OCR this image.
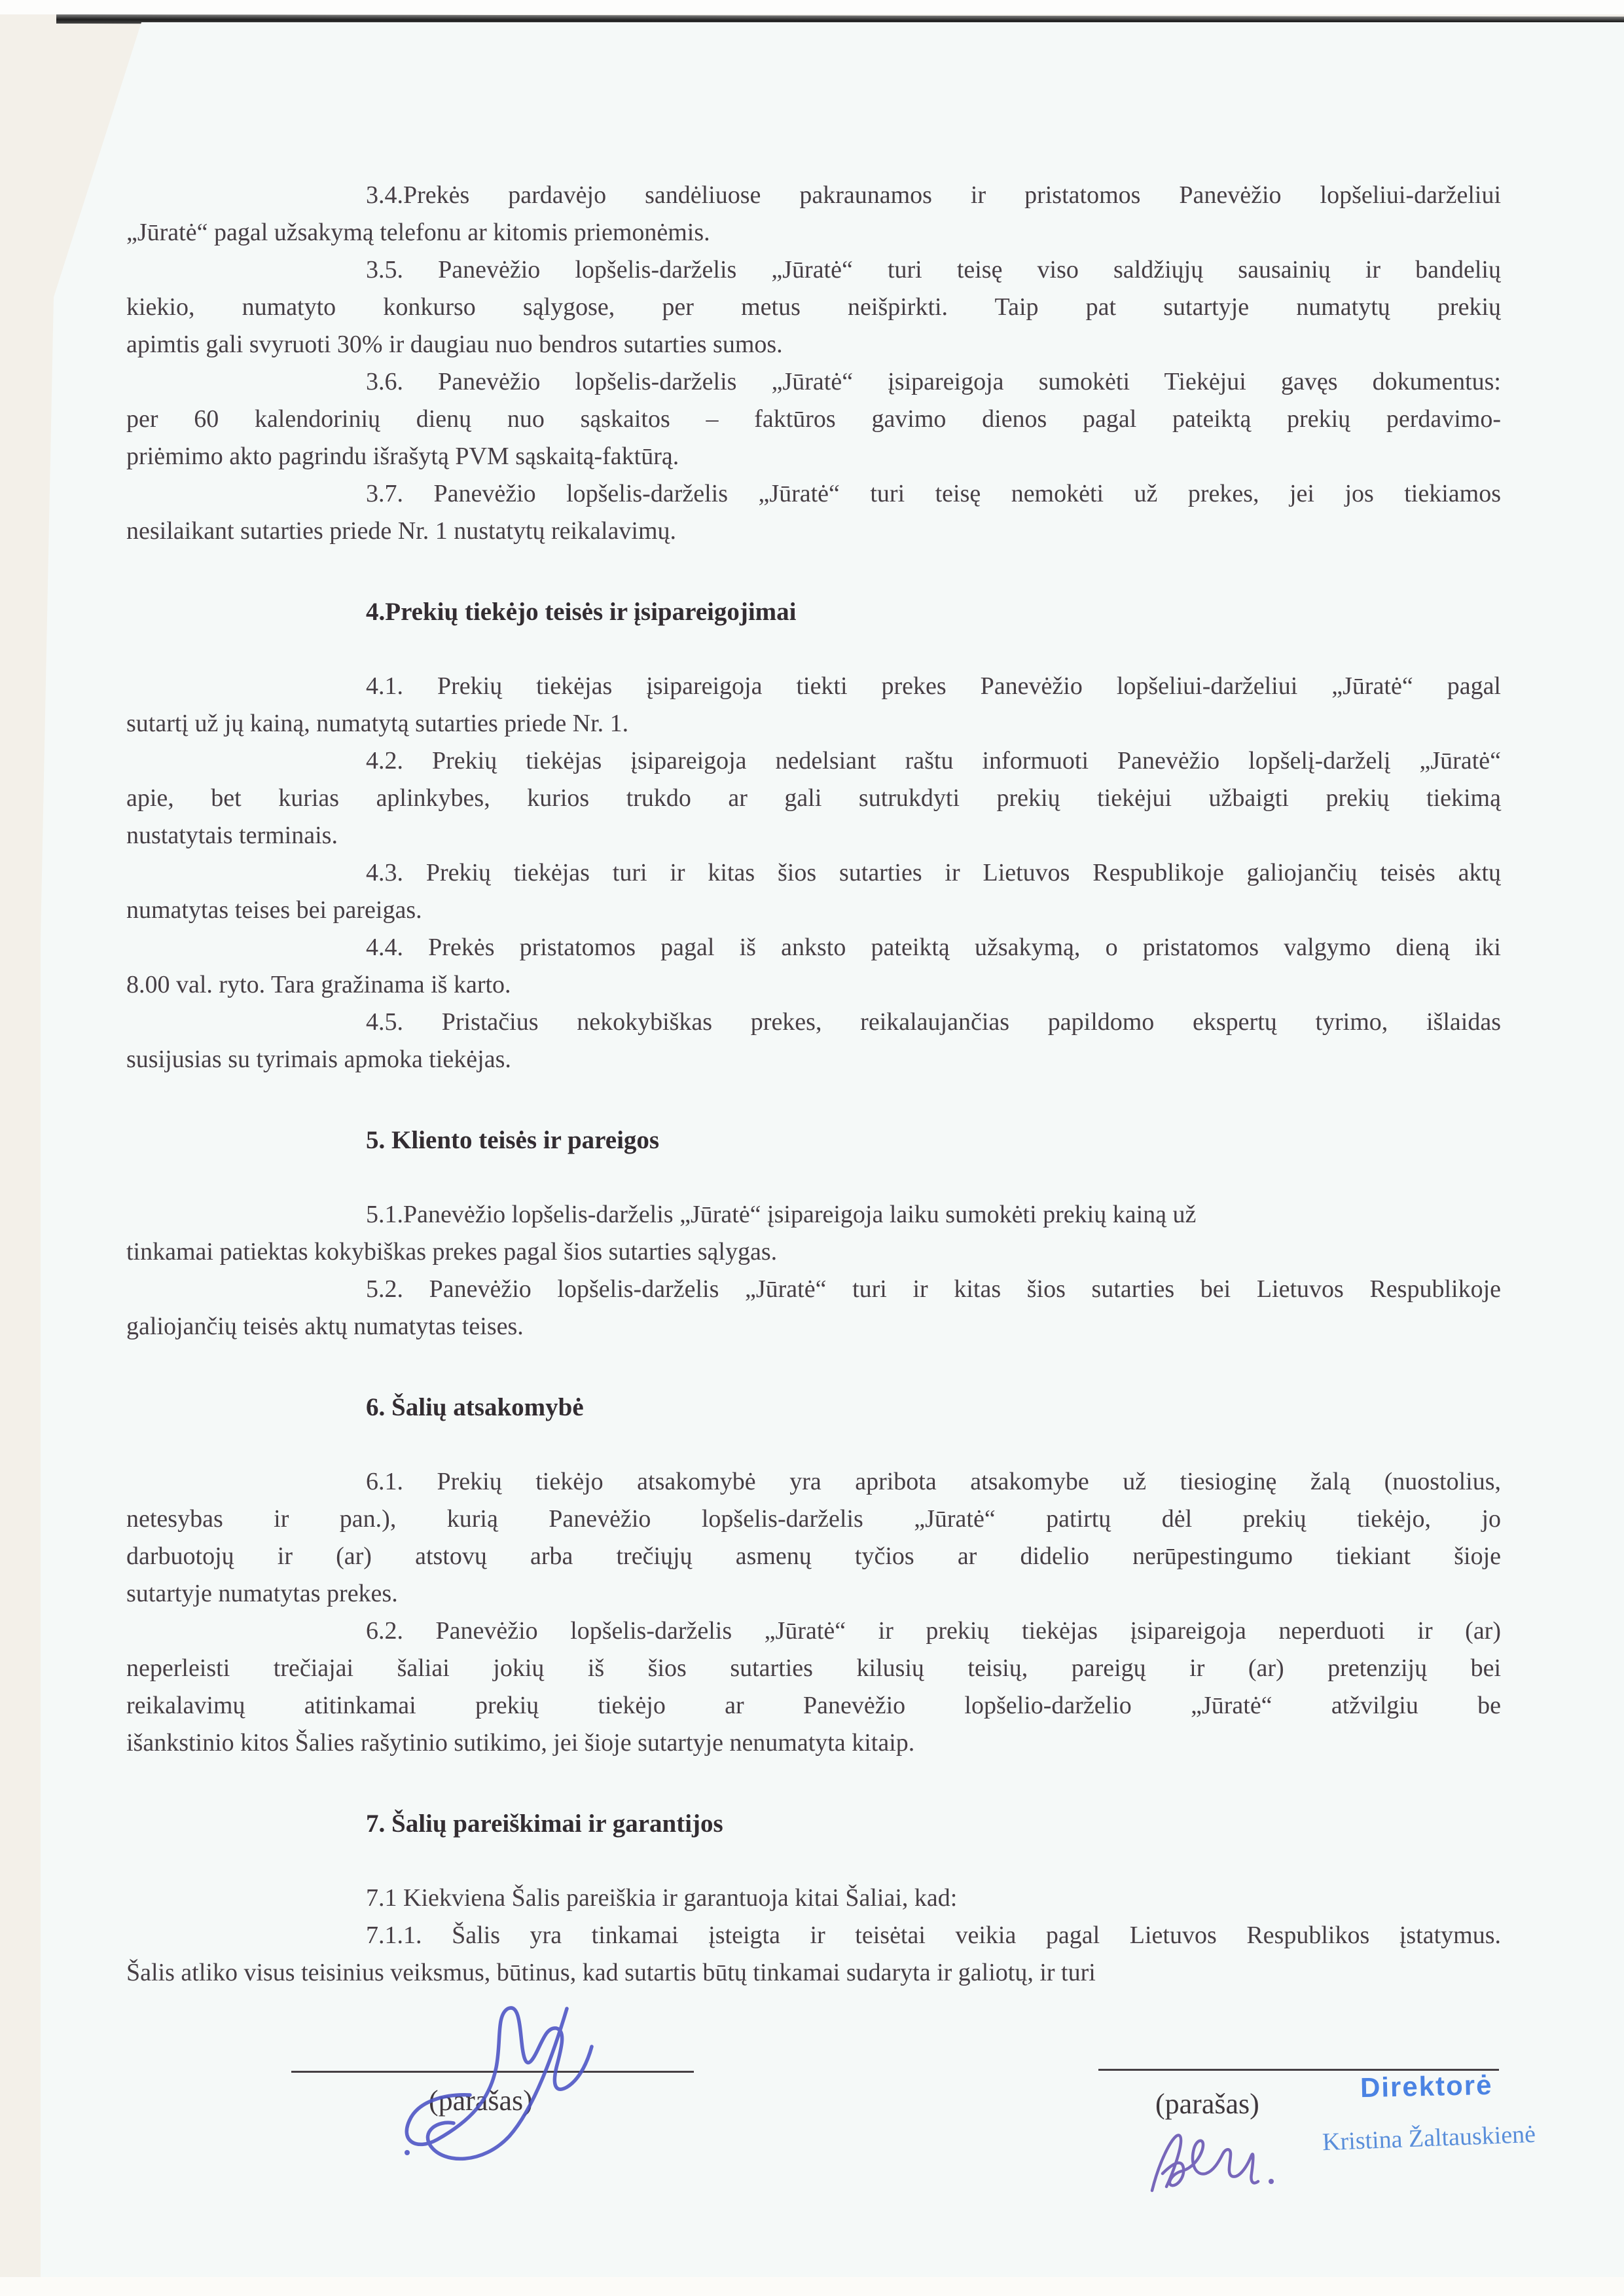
3.4.Prekės pardavėjo sandėliuose pakraunamos ir pristatomos Panevėžio lopšeliui-darželiui
„Jūratė“ pagal užsakymą telefonu ar kitomis priemonėmis.
3.5. Panevėžio lopšelis-darželis „Jūratė“ turi teisę viso saldžiųjų sausainių ir bandelių
kiekio, numatyto konkurso sąlygose, per metus neišpirkti. Taip pat sutartyje numatytų prekių
apimtis gali svyruoti 30% ir daugiau nuo bendros sutarties sumos.
3.6. Panevėžio lopšelis-darželis „Jūratė“ įsipareigoja sumokėti Tiekėjui gavęs dokumentus:
per 60 kalendorinių dienų nuo sąskaitos – faktūros gavimo dienos pagal pateiktą prekių perdavimo-
priėmimo akto pagrindu išrašytą PVM sąskaitą-faktūrą.
3.7. Panevėžio lopšelis-darželis „Jūratė“ turi teisę nemokėti už prekes, jei jos tiekiamos
nesilaikant sutarties priede Nr. 1 nustatytų reikalavimų.
4.Prekių tiekėjo teisės ir įsipareigojimai
4.1. Prekių tiekėjas įsipareigoja tiekti prekes Panevėžio lopšeliui-darželiui „Jūratė“ pagal
sutartį už jų kainą, numatytą sutarties priede Nr. 1.
4.2. Prekių tiekėjas įsipareigoja nedelsiant raštu informuoti Panevėžio lopšelį-darželį „Jūratė“
apie, bet kurias aplinkybes, kurios trukdo ar gali sutrukdyti prekių tiekėjui užbaigti prekių tiekimą
nustatytais terminais.
4.3. Prekių tiekėjas turi ir kitas šios sutarties ir Lietuvos Respublikoje galiojančių teisės aktų
numatytas teises bei pareigas.
4.4. Prekės pristatomos pagal iš anksto pateiktą užsakymą, o pristatomos valgymo dieną iki
8.00 val. ryto. Tara gražinama iš karto.
4.5. Pristačius nekokybiškas prekes, reikalaujančias papildomo ekspertų tyrimo, išlaidas
susijusias su tyrimais apmoka tiekėjas.
5. Kliento teisės ir pareigos
5.1.Panevėžio lopšelis-darželis „Jūratė“ įsipareigoja laiku sumokėti prekių kainą už
tinkamai patiektas kokybiškas prekes pagal šios sutarties sąlygas.
5.2. Panevėžio lopšelis-darželis „Jūratė“ turi ir kitas šios sutarties bei Lietuvos Respublikoje
galiojančių teisės aktų numatytas teises.
6. Šalių atsakomybė
6.1. Prekių tiekėjo atsakomybė yra apribota atsakomybe už tiesioginę žalą (nuostolius,
netesybas ir pan.), kurią Panevėžio lopšelis-darželis „Jūratė“ patirtų dėl prekių tiekėjo, jo
darbuotojų ir (ar) atstovų arba trečiųjų asmenų tyčios ar didelio nerūpestingumo tiekiant šioje
sutartyje numatytas prekes.
6.2. Panevėžio lopšelis-darželis „Jūratė“ ir prekių tiekėjas įsipareigoja neperduoti ir (ar)
neperleisti trečiajai šaliai jokių iš šios sutarties kilusių teisių, pareigų ir (ar) pretenzijų bei
reikalavimų atitinkamai prekių tiekėjo ar Panevėžio lopšelio-darželio „Jūratė“ atžvilgiu be
išankstinio kitos Šalies rašytinio sutikimo, jei šioje sutartyje nenumatyta kitaip.
7. Šalių pareiškimai ir garantijos
7.1 Kiekviena Šalis pareiškia ir garantuoja kitai Šaliai, kad:
7.1.1. Šalis yra tinkamai įsteigta ir teisėtai veikia pagal Lietuvos Respublikos įstatymus.
Šalis atliko visus teisinius veiksmus, būtinus, kad sutartis būtų tinkamai sudaryta ir galiotų, ir turi
(parašas)	(parašas)
Direktorė
Kristina Žaltauskienė
